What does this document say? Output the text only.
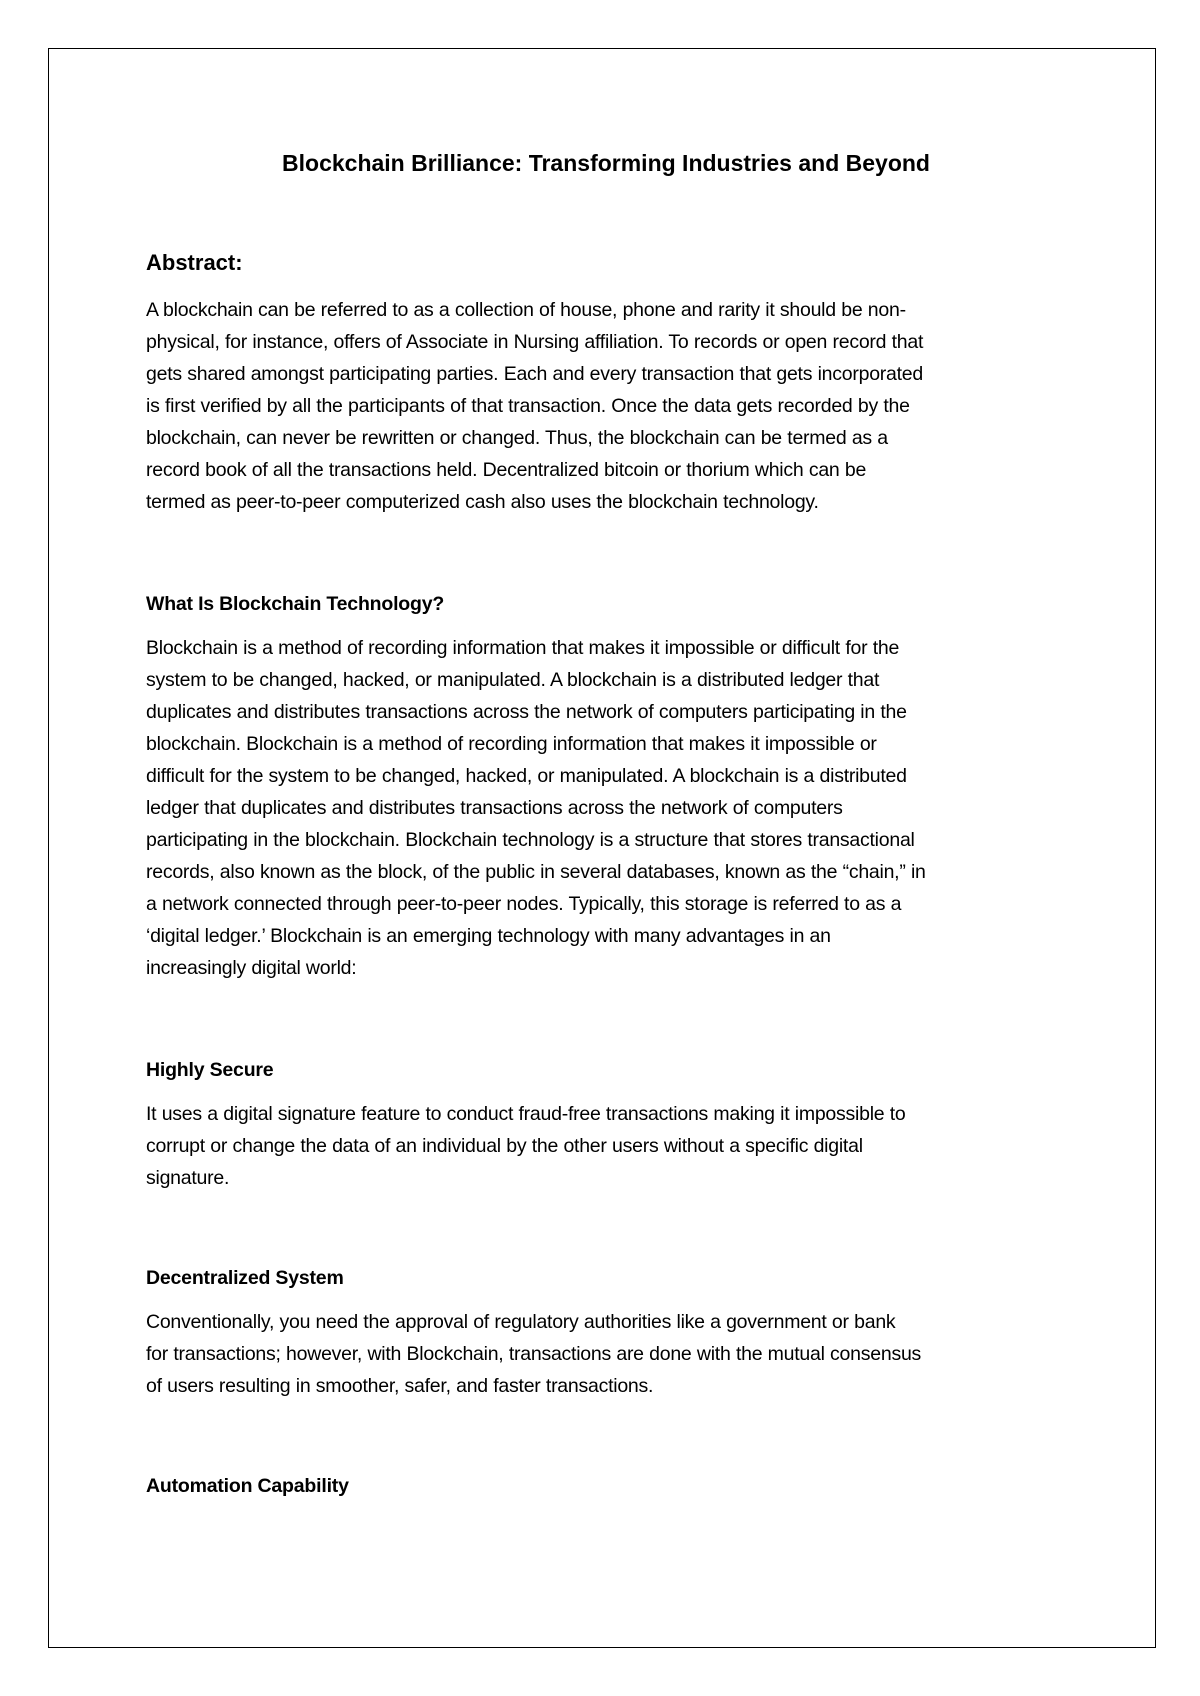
Blockchain Brilliance: Transforming Industries and Beyond
Abstract:

A blockchain can be referred to as a collection of house, phone and rarity it should be non-
physical, for instance, offers of Associate in Nursing affiliation. To records or open record that
gets shared amongst participating parties. Each and every transaction that gets incorporated
is first verified by all the participants of that transaction. Once the data gets recorded by the
blockchain, can never be rewritten or changed. Thus, the blockchain can be termed as a
record book of all the transactions held. Decentralized bitcoin or thorium which can be
termed as peer-to-peer computerized cash also uses the blockchain technology.

What Is Blockchain Technology?

Blockchain is a method of recording information that makes it impossible or difficult for the
system to be changed, hacked, or manipulated. A blockchain is a distributed ledger that
duplicates and distributes transactions across the network of computers participating in the
blockchain. Blockchain is a method of recording information that makes it impossible or
difficult for the system to be changed, hacked, or manipulated. A blockchain is a distributed
ledger that duplicates and distributes transactions across the network of computers
participating in the blockchain. Blockchain technology is a structure that stores transactional
records, also known as the block, of the public in several databases, known as the “chain,” in
a network connected through peer-to-peer nodes. Typically, this storage is referred to as a
‘digital ledger.’ Blockchain is an emerging technology with many advantages in an
increasingly digital world:

Highly Secure

It uses a digital signature feature to conduct fraud-free transactions making it impossible to
corrupt or change the data of an individual by the other users without a specific digital
signature.

Decentralized System

Conventionally, you need the approval of regulatory authorities like a government or bank
for transactions; however, with Blockchain, transactions are done with the mutual consensus
of users resulting in smoother, safer, and faster transactions.

Automation Capability
